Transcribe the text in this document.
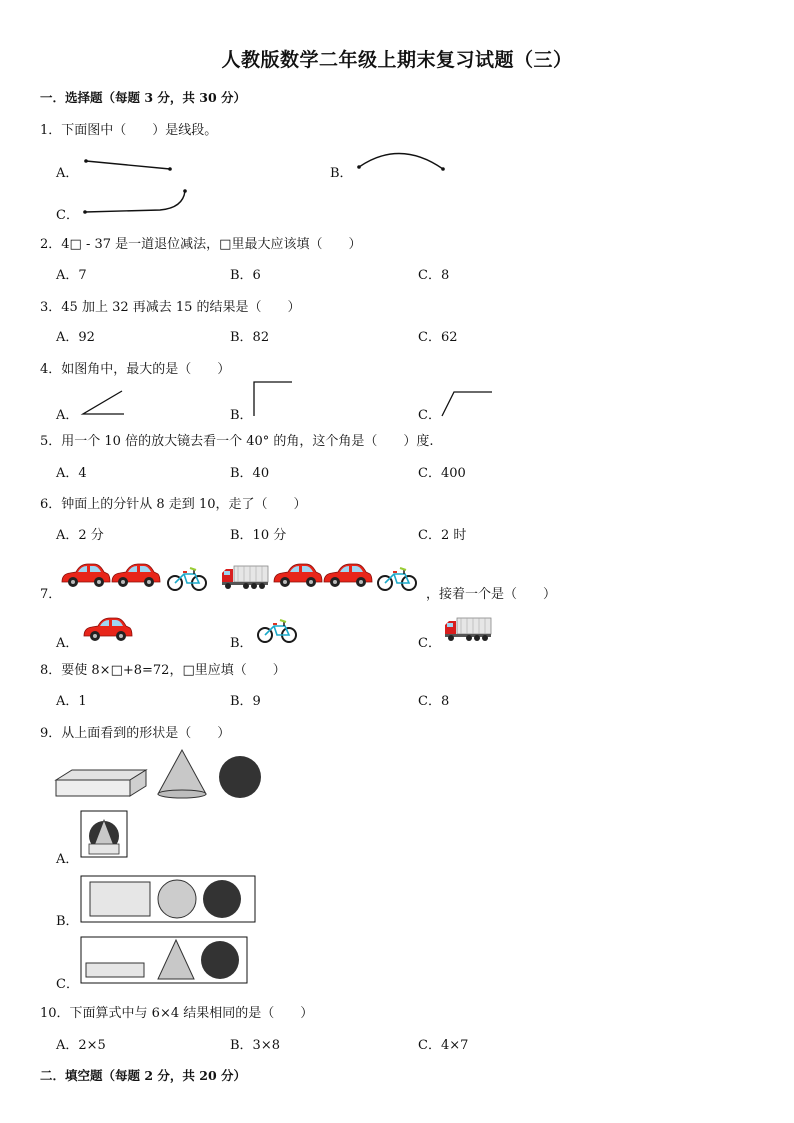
人教版数学二年级上期末复习试题（三）
一．选择题（每题 3 分，共 30 分）
1．下面图中（　　）是线段。
A．	B．
C．
2．4□ - 37 是一道退位减法，□里最大应该填（　　）
A．7	B．6	C．8
3．45 加上 32 再减去 15 的结果是（　　）
A．92	B．82	C．62
4．如图角中，最大的是（　　）
A．	B．	C．
5．用一个 10 倍的放大镜去看一个 40° 的角，这个角是（　　）度.
A．4	B．40	C．400
6．钟面上的分针从 8 走到 10，走了（　　）
A．2 分	B．10 分	C．2 时
7．	，接着一个是（　　）
A．	B．	C．
8．要使 8×□+8=72，□里应填（　　）
A．1	B．9	C．8
9．从上面看到的形状是（　　）
A．
B．
C．
10．下面算式中与 6×4 结果相同的是（　　）
A．2×5	B．3×8	C．4×7
二．填空题（每题 2 分，共 20 分）
